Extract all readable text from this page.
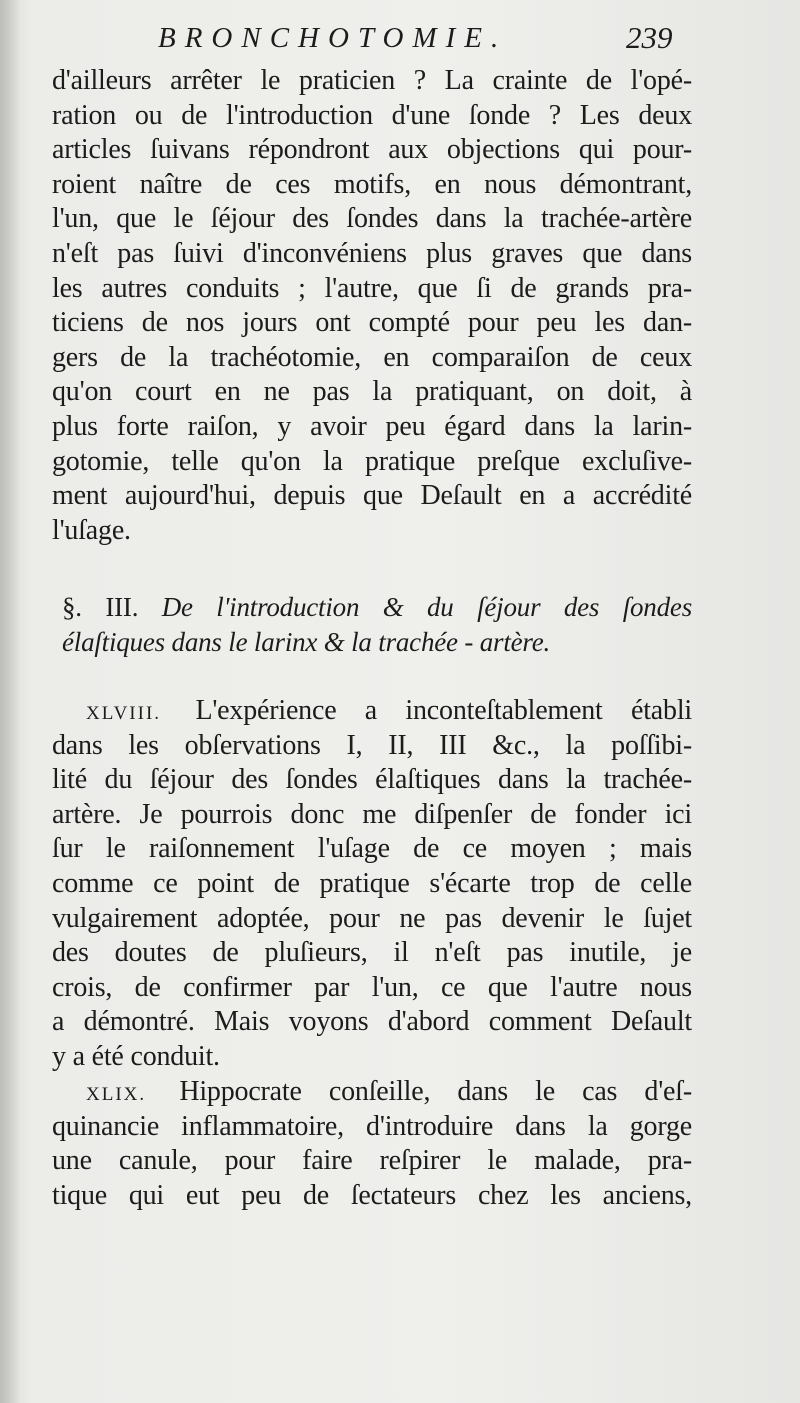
BRONCHOTOMIE.	239
d'ailleurs arrêter le praticien ? La crainte de l'opé-
ration ou de l'introduction d'une ſonde ? Les deux
articles ſuivans répondront aux objections qui pour-
roient naître de ces motifs, en nous démontrant,
l'un, que le ſéjour des ſondes dans la trachée-artère
n'eſt pas ſuivi d'inconvéniens plus graves que dans
les autres conduits ; l'autre, que ſi de grands pra-
ticiens de nos jours ont compté pour peu les dan-
gers de la trachéotomie, en comparaiſon de ceux
qu'on court en ne pas la pratiquant, on doit, à
plus forte raiſon, y avoir peu égard dans la larin-
gotomie, telle qu'on la pratique preſque excluſive-
ment aujourd'hui, depuis que Deſault en a accrédité
l'uſage.
§. III. De l'introduction & du ſéjour des ſondes
élaſtiques dans le larinx & la trachée - artère.
XLVIII. L'expérience a inconteſtablement établi
dans les obſervations I, II, III &c., la poſſibi-
lité du ſéjour des ſondes élaſtiques dans la trachée-
artère. Je pourrois donc me diſpenſer de fonder ici
ſur le raiſonnement l'uſage de ce moyen ; mais
comme ce point de pratique s'écarte trop de celle
vulgairement adoptée, pour ne pas devenir le ſujet
des doutes de pluſieurs, il n'eſt pas inutile, je
crois, de confirmer par l'un, ce que l'autre nous
a démontré. Mais voyons d'abord comment Deſault
y a été conduit.
XLIX. Hippocrate conſeille, dans le cas d'eſ-
quinancie inflammatoire, d'introduire dans la gorge
une canule, pour faire reſpirer le malade, pra-
tique qui eut peu de ſectateurs chez les anciens,
